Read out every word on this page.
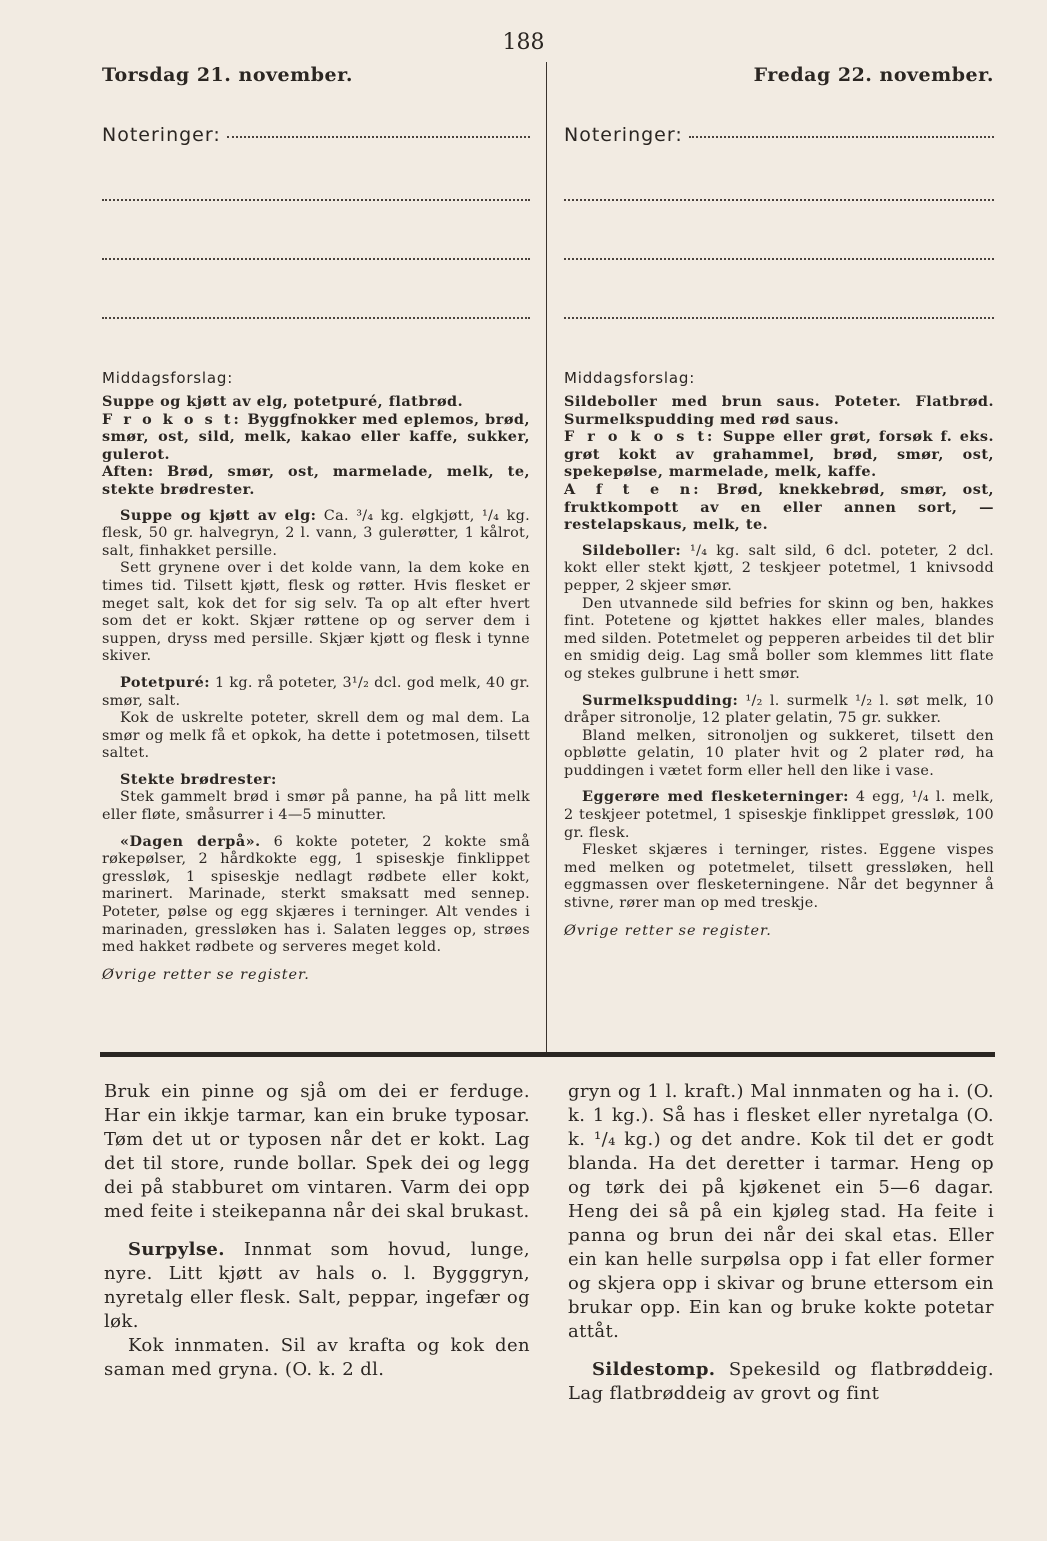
188
Torsdag 21. november.
Noteringer:
Middagsforslag:

Suppe og kjøtt av elg, potetpuré, flatbrød.

F r o k o s t: Byggfnokker med eplemos, brød, smør, ost, sild, melk, kakao eller kaffe, sukker, gulerot.

Aften: Brød, smør, ost, marmelade, melk, te, stekte brødrester.

Suppe og kjøtt av elg: Ca. ³/₄ kg. elgkjøtt, ¹/₄ kg. flesk, 50 gr. halvegryn, 2 l. vann, 3 gulerøtter, 1 kålrot, salt, finhakket persille.

Sett grynene over i det kolde vann, la dem koke en times tid. Tilsett kjøtt, flesk og røtter. Hvis flesket er meget salt, kok det for sig selv. Ta op alt efter hvert som det er kokt. Skjær røttene op og server dem i suppen, dryss med persille. Skjær kjøtt og flesk i tynne skiver.

Potetpuré: 1 kg. rå poteter, 3¹/₂ dcl. god melk, 40 gr. smør, salt.

Kok de uskrelte poteter, skrell dem og mal dem. La smør og melk få et opkok, ha dette i potetmosen, tilsett saltet.

Stekte brødrester:

Stek gammelt brød i smør på panne, ha på litt melk eller fløte, småsurrer i 4—5 minutter.

«Dagen derpå». 6 kokte poteter, 2 kokte små røkepølser, 2 hårdkokte egg, 1 spiseskje finklippet gressløk, 1 spiseskje nedlagt rødbete eller kokt, marinert. Marinade, sterkt smaksatt med sennep. Poteter, pølse og egg skjæres i terninger. Alt vendes i marinaden, gressløken has i. Salaten legges op, strøes med hakket rødbete og serveres meget kold.

Øvrige retter se register.

Fredag 22. november.
Noteringer:
Middagsforslag:

Sildeboller med brun saus. Poteter. Flatbrød. Surmelkspudding med rød saus.

F r o k o s t: Suppe eller grøt, forsøk f. eks. grøt kokt av grahammel, brød, smør, ost, spekepølse, marmelade, melk, kaffe.

A f t e n: Brød, knekkebrød, smør, ost, fruktkompott av en eller annen sort, — restelapskaus, melk, te.

Sildeboller: ¹/₄ kg. salt sild, 6 dcl. poteter, 2 dcl. kokt eller stekt kjøtt, 2 teskjeer potetmel, 1 knivsodd pepper, 2 skjeer smør.

Den utvannede sild befries for skinn og ben, hakkes fint. Potetene og kjøttet hakkes eller males, blandes med silden. Potetmelet og pepperen arbeides til det blir en smidig deig. Lag små boller som klemmes litt flate og stekes gulbrune i hett smør.

Surmelkspudding: ¹/₂ l. surmelk ¹/₂ l. søt melk, 10 dråper sitronolje, 12 plater gelatin, 75 gr. sukker.

Bland melken, sitronoljen og sukkeret, tilsett den opbløtte gelatin, 10 plater hvit og 2 plater rød, ha puddingen i vætet form eller hell den like i vase.

Eggerøre med flesketerninger: 4 egg, ¹/₄ l. melk, 2 teskjeer potetmel, 1 spiseskje finklippet gressløk, 100 gr. flesk.

Flesket skjæres i terninger, ristes. Eggene vispes med melken og potetmelet, tilsett gressløken, hell eggmassen over flesketerningene. Når det begynner å stivne, rører man op med treskje.

Øvrige retter se register.

Bruk ein pinne og sjå om dei er ferduge. Har ein ikkje tarmar, kan ein bruke typosar. Tøm det ut or typosen når det er kokt. Lag det til store, runde bollar. Spek dei og legg dei på stabburet om vintaren. Varm dei opp med feite i steikepanna når dei skal brukast.

Surpylse. Innmat som hovud, lunge, nyre. Litt kjøtt av hals o. l. Bygggryn, nyretalg eller flesk. Salt, peppar, ingefær og løk.

Kok innmaten. Sil av krafta og kok den saman med gryna. (O. k. 2 dl.

gryn og 1 l. kraft.) Mal innmaten og ha i. (O. k. 1 kg.). Så has i flesket eller nyretalga (O. k. ¹/₄ kg.) og det andre. Kok til det er godt blanda. Ha det deretter i tarmar. Heng op og tørk dei på kjøkenet ein 5—6 dagar. Heng dei så på ein kjøleg stad. Ha feite i panna og brun dei når dei skal etas. Eller ein kan helle surpølsa opp i fat eller former og skjera opp i skivar og brune ettersom ein brukar opp. Ein kan og bruke kokte potetar attåt.

Sildestomp. Spekesild og flatbrøddeig. Lag flatbrøddeig av grovt og fint
